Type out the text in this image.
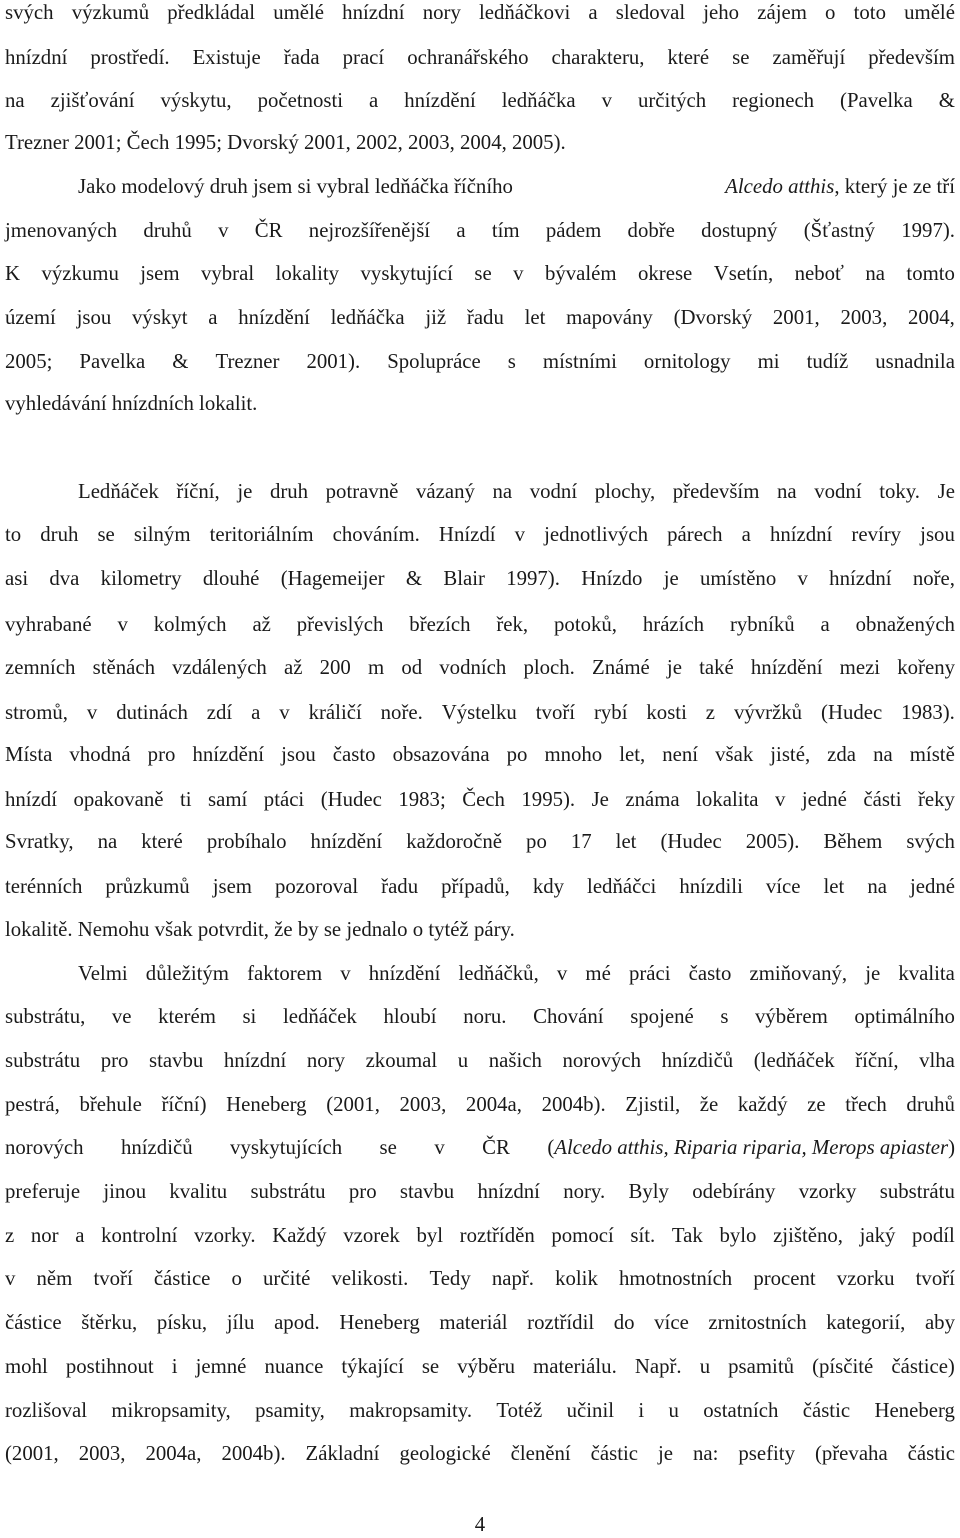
svých výzkumů předkládal umělé hnízdní nory ledňáčkovi a sledoval jeho zájem o toto umělé
hnízdní prostředí. Existuje řada prací ochranářského charakteru, které se zaměřují především
na zjišťování výskytu, početnosti a hnízdění ledňáčka v určitých regionech (Pavelka &
Trezner 2001; Čech 1995; Dvorský 2001, 2002, 2003, 2004, 2005).
Jako modelový druh jsem si vybral ledňáčka říčního	Alcedo atthis, který je ze tří
jmenovaných druhů v ČR nejrozšířenější a tím pádem dobře dostupný (Šťastný 1997).
K výzkumu jsem vybral lokality vyskytující se v bývalém okrese Vsetín, neboť na tomto
území jsou výskyt a hnízdění ledňáčka již řadu let mapovány (Dvorský 2001, 2003, 2004,
2005; Pavelka & Trezner 2001). Spolupráce s místními ornitology mi tudíž usnadnila
vyhledávání hnízdních lokalit.
Ledňáček říční, je druh potravně vázaný na vodní plochy, především na vodní toky. Je
to druh se silným teritoriálním chováním. Hnízdí v jednotlivých párech a hnízdní revíry jsou
asi dva kilometry dlouhé (Hagemeijer & Blair 1997). Hnízdo je umístěno v hnízdní noře,
vyhrabané v kolmých až převislých březích řek, potoků, hrázích rybníků a obnažených
zemních stěnách vzdálených až 200 m od vodních ploch. Známé je také hnízdění mezi kořeny
stromů, v dutinách zdí a v králičí noře. Výstelku tvoří rybí kosti z vývržků (Hudec 1983).
Místa vhodná pro hnízdění jsou často obsazována po mnoho let, není však jisté, zda na místě
hnízdí opakovaně ti samí ptáci (Hudec 1983; Čech 1995). Je známa lokalita v jedné části řeky
Svratky, na které probíhalo hnízdění každoročně po 17 let (Hudec 2005). Během svých
terénních průzkumů jsem pozoroval řadu případů, kdy ledňáčci hnízdili více let na jedné
lokalitě. Nemohu však potvrdit, že by se jednalo o tytéž páry.
Velmi důležitým faktorem v hnízdění ledňáčků, v mé práci často zmiňovaný, je kvalita
substrátu, ve kterém si ledňáček hloubí noru. Chování spojené s výběrem optimálního
substrátu pro stavbu hnízdní nory zkoumal u našich norových hnízdičů (ledňáček říční, vlha
pestrá, břehule říční) Heneberg (2001, 2003, 2004a, 2004b). Zjistil, že každý ze třech druhů
norových hnízdičů vyskytujících se v ČR (Alcedo atthis, Riparia riparia, Merops apiaster)
preferuje jinou kvalitu substrátu pro stavbu hnízdní nory. Byly odebírány vzorky substrátu
z nor a kontrolní vzorky. Každý vzorek byl roztříděn pomocí sít. Tak bylo zjištěno, jaký podíl
v něm tvoří částice o určité velikosti. Tedy např. kolik hmotnostních procent vzorku tvoří
částice štěrku, písku, jílu apod. Heneberg materiál roztřídil do více zrnitostních kategorií, aby
mohl postihnout i jemné nuance týkající se výběru materiálu. Např. u psamitů (písčité částice)
rozlišoval mikropsamity, psamity, makropsamity. Totéž učinil i u ostatních částic Heneberg
(2001, 2003, 2004a, 2004b). Základní geologické členění částic je na: psefity (převaha částic
4
